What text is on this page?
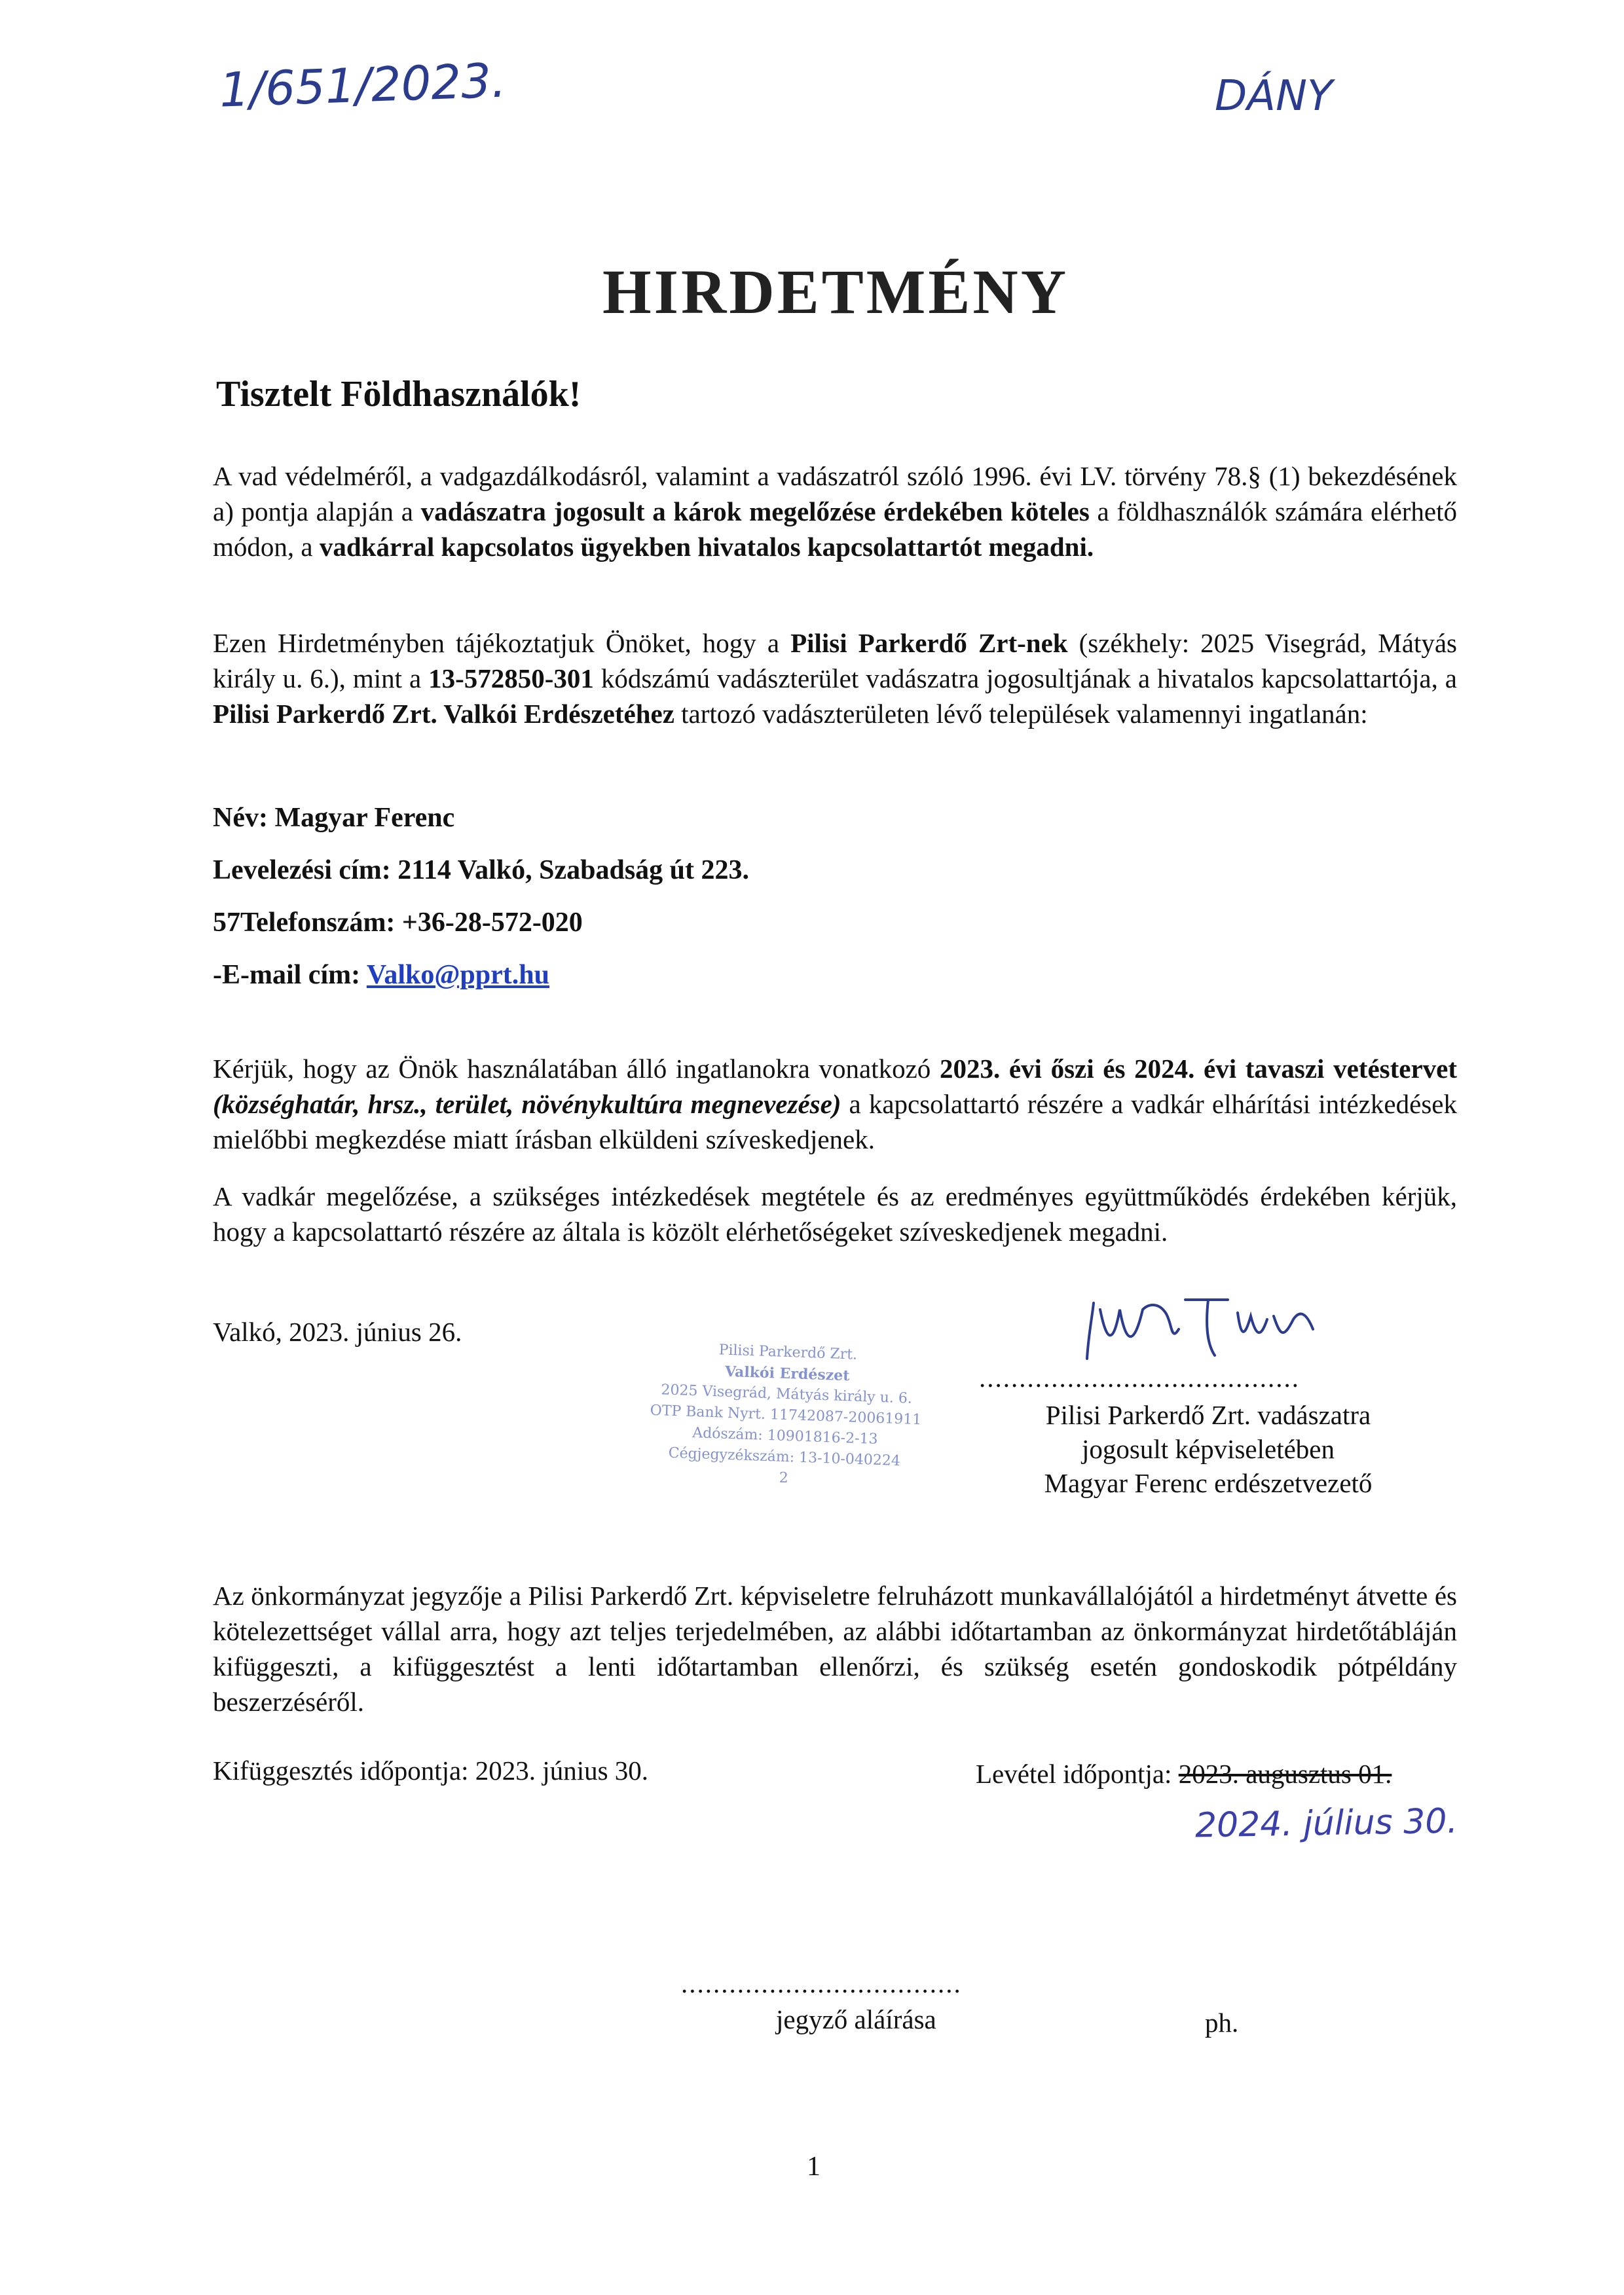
1/651/2023.	DÁNY
HIRDETMÉNY
Tisztelt Földhasználók!
A vad védelméről, a vadgazdálkodásról, valamint a vadászatról szóló 1996. évi LV. törvény 78.§ (1) bekezdésének a) pontja alapján a vadászatra jogosult a károk megelőzése érdekében köteles a földhasználók számára elérhető módon, a vadkárral kapcsolatos ügyekben hivatalos kapcsolattartót megadni.
Ezen Hirdetményben tájékoztatjuk Önöket, hogy a Pilisi Parkerdő Zrt-nek (székhely: 2025 Visegrád, Mátyás király u. 6.), mint a 13-572850-301 kódszámú vadászterület vadászatra jogosultjának a hivatalos kapcsolattartója, a Pilisi Parkerdő Zrt. Valkói Erdészetéhez tartozó vadászterületen lévő települések valamennyi ingatlanán:
Név: Magyar Ferenc
Levelezési cím: 2114 Valkó, Szabadság út 223.
57Telefonszám: +36-28-572-020
-E-mail cím: Valko@pprt.hu
Kérjük, hogy az Önök használatában álló ingatlanokra vonatkozó 2023. évi őszi és 2024. évi tavaszi vetéstervet (községhatár, hrsz., terület, növénykultúra megnevezése) a kapcsolattartó részére a vadkár elhárítási intézkedések mielőbbi megkezdése miatt írásban elküldeni szíveskedjenek.
A vadkár megelőzése, a szükséges intézkedések megtétele és az eredményes együttműködés érdekében kérjük, hogy a kapcsolattartó részére az általa is közölt elérhetőségeket szíveskedjenek megadni.
Valkó, 2023. június 26.
Pilisi Parkerdő Zrt.
Valkói Erdészet
2025 Visegrád, Mátyás király u. 6.
OTP Bank Nyrt. 11742087-20061911
Adószám: 10901816-2-13
Cégjegyzékszám: 13-10-040224
2
........................................
Pilisi Parkerdő Zrt. vadászatra
jogosult képviseletében
Magyar Ferenc erdészetvezető
Az önkormányzat jegyzője a Pilisi Parkerdő Zrt. képviseletre felruházott munkavállalójától a hirdetményt átvette és kötelezettséget vállal arra, hogy azt teljes terjedelmében, az alábbi időtartamban az önkormányzat hirdetőtábláján kifüggeszti, a kifüggesztést a lenti időtartamban ellenőrzi, és szükség esetén gondoskodik pótpéldány beszerzéséről.
Kifüggesztés időpontja: 2023. június 30.	Levétel időpontja: 2023. augusztus 01.
2024. július 30.
...................................
jegyző aláírása	ph.
1
